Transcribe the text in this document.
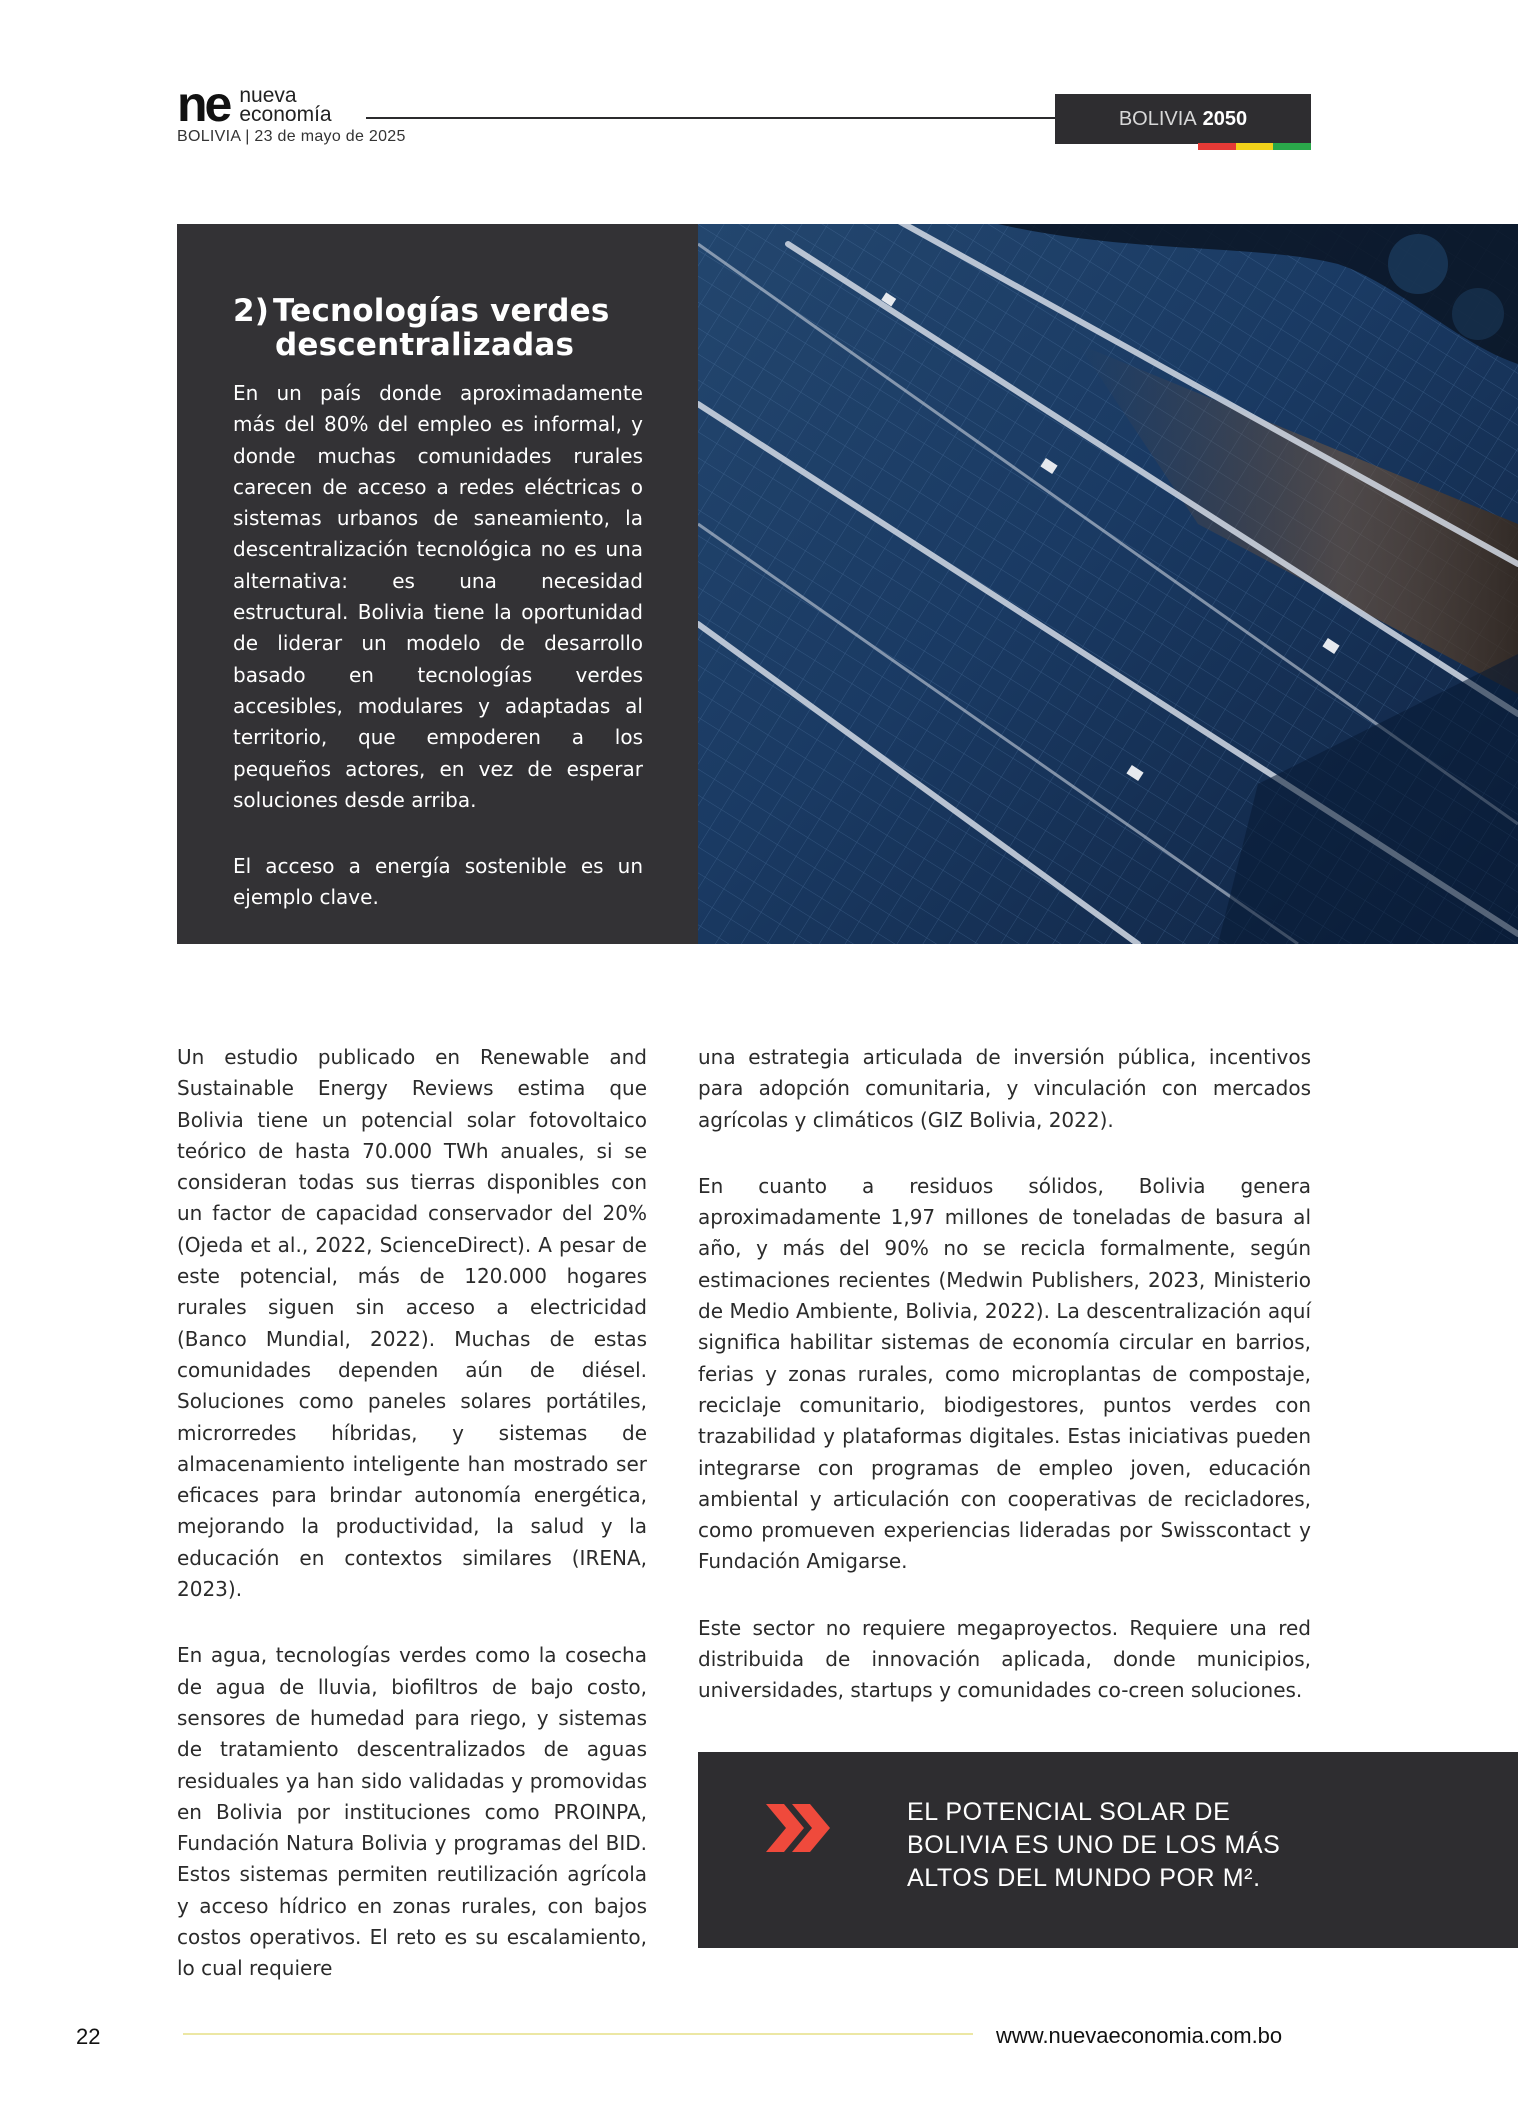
ne nueva
economía
BOLIVIA | 23 de mayo de 2025
BOLIVIA 2050
2) Tecnologías verdes
descentralizadas

En un país donde aproximadamente más del 80% del empleo es informal, y donde muchas comunidades rurales carecen de acceso a redes eléctricas o sistemas urbanos de saneamiento, la descentralización tecnológica no es una alternativa: es una necesidad estructural. Bolivia tiene la oportunidad de liderar un modelo de desarrollo basado en tecnologías verdes accesibles, modulares y adaptadas al territorio, que empoderen a los pequeños actores, en vez de esperar soluciones desde arriba.

El acceso a energía sostenible es un ejemplo clave.

Un estudio publicado en Renewable and Sustainable Energy Reviews estima que Bolivia tiene un potencial solar fotovoltaico teórico de hasta 70.000 TWh anuales, si se consideran todas sus tierras disponibles con un factor de capacidad conservador del 20% (Ojeda et al., 2022, ScienceDirect). A pesar de este potencial, más de 120.000 hogares rurales siguen sin acceso a electricidad (Banco Mundial, 2022). Muchas de estas comunidades dependen aún de diésel. Soluciones como paneles solares portátiles, microrredes híbridas, y sistemas de almacenamiento inteligente han mostrado ser eficaces para brindar autonomía energética, mejorando la productividad, la salud y la educación en contextos similares (IRENA, 2023).

En agua, tecnologías verdes como la cosecha de agua de lluvia, biofiltros de bajo costo, sensores de humedad para riego, y sistemas de tratamiento descentralizados de aguas residuales ya han sido validadas y promovidas en Bolivia por instituciones como PROINPA, Fundación Natura Bolivia y programas del BID. Estos sistemas permiten reutilización agrícola y acceso hídrico en zonas rurales, con bajos costos operativos. El reto es su escalamiento, lo cual requiere

una estrategia articulada de inversión pública, incentivos para adopción comunitaria, y vinculación con mercados agrícolas y climáticos (GIZ Bolivia, 2022).

En cuanto a residuos sólidos, Bolivia genera aproximadamente 1,97 millones de toneladas de basura al año, y más del 90% no se recicla formalmente, según estimaciones recientes (Medwin Publishers, 2023, Ministerio de Medio Ambiente, Bolivia, 2022). La descentralización aquí significa habilitar sistemas de economía circular en barrios, ferias y zonas rurales, como microplantas de compostaje, reciclaje comunitario, biodigestores, puntos verdes con trazabilidad y plataformas digitales. Estas iniciativas pueden integrarse con programas de empleo joven, educación ambiental y articulación con cooperativas de recicladores, como promueven experiencias lideradas por Swisscontact y Fundación Amigarse.

Este sector no requiere megaproyectos. Requiere una red distribuida de innovación aplicada, donde municipios, universidades, startups y comunidades co-creen soluciones.

EL POTENCIAL SOLAR DE
BOLIVIA ES UNO DE LOS MÁS
ALTOS DEL MUNDO POR M².
22	www.nuevaeconomia.com.bo
